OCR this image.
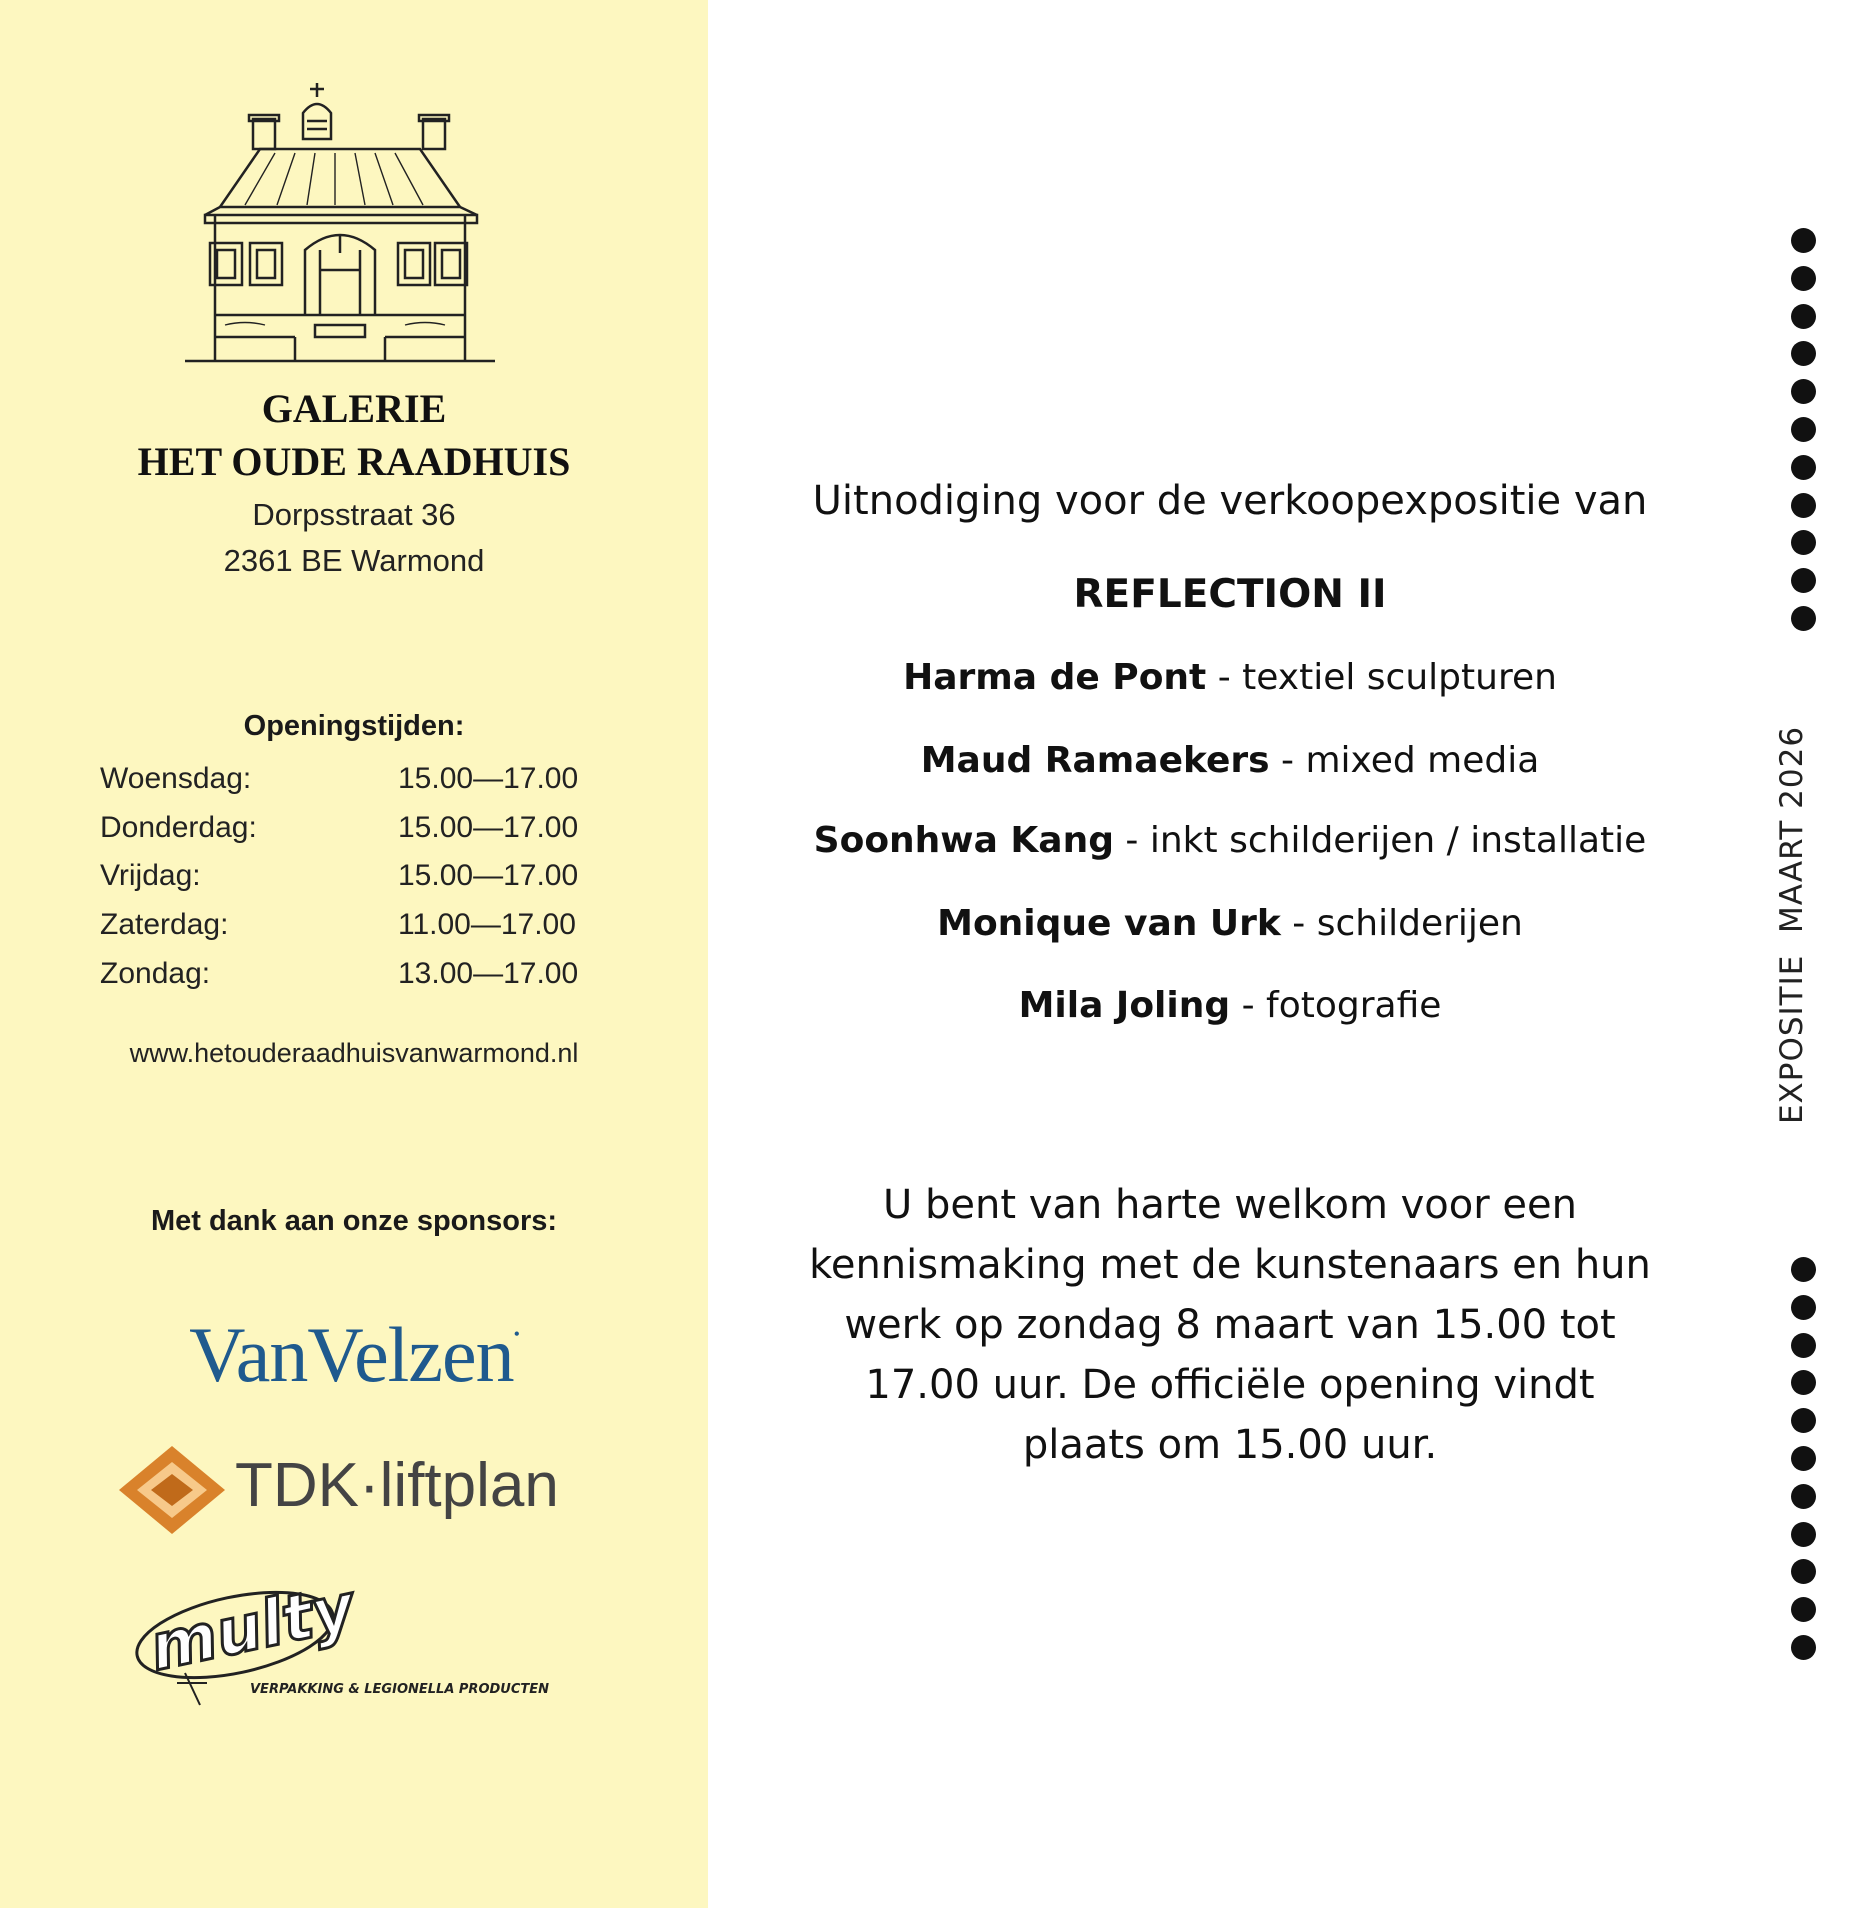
GALERIE
HET OUDE RAADHUIS
Dorpsstraat 36
2361 BE Warmond
Openingstijden:
Woensdag:	15.00—17.00
Donderdag:	15.00—17.00
Vrijdag:	15.00—17.00
Zaterdag:	11.00—17.00
Zondag:	13.00—17.00
www.hetouderaadhuisvanwarmond.nl
Met dank aan onze sponsors:
VanVelzen•
TDK·liftplan
multy
VERPAKKING & LEGIONELLA PRODUCTEN
Uitnodiging voor de verkoopexpositie van
REFLECTION II
Harma de Pont - textiel sculpturen
Maud Ramaekers - mixed media
Soonhwa Kang - inkt schilderijen / installatie
Monique van Urk - schilderijen
Mila Joling - fotografie
U bent van harte welkom voor een
kennismaking met de kunstenaars en hun
werk op zondag 8 maart van 15.00 tot
17.00 uur. De officiële opening vindt
plaats om 15.00 uur.
EXPOSITIE  MAART 2026
